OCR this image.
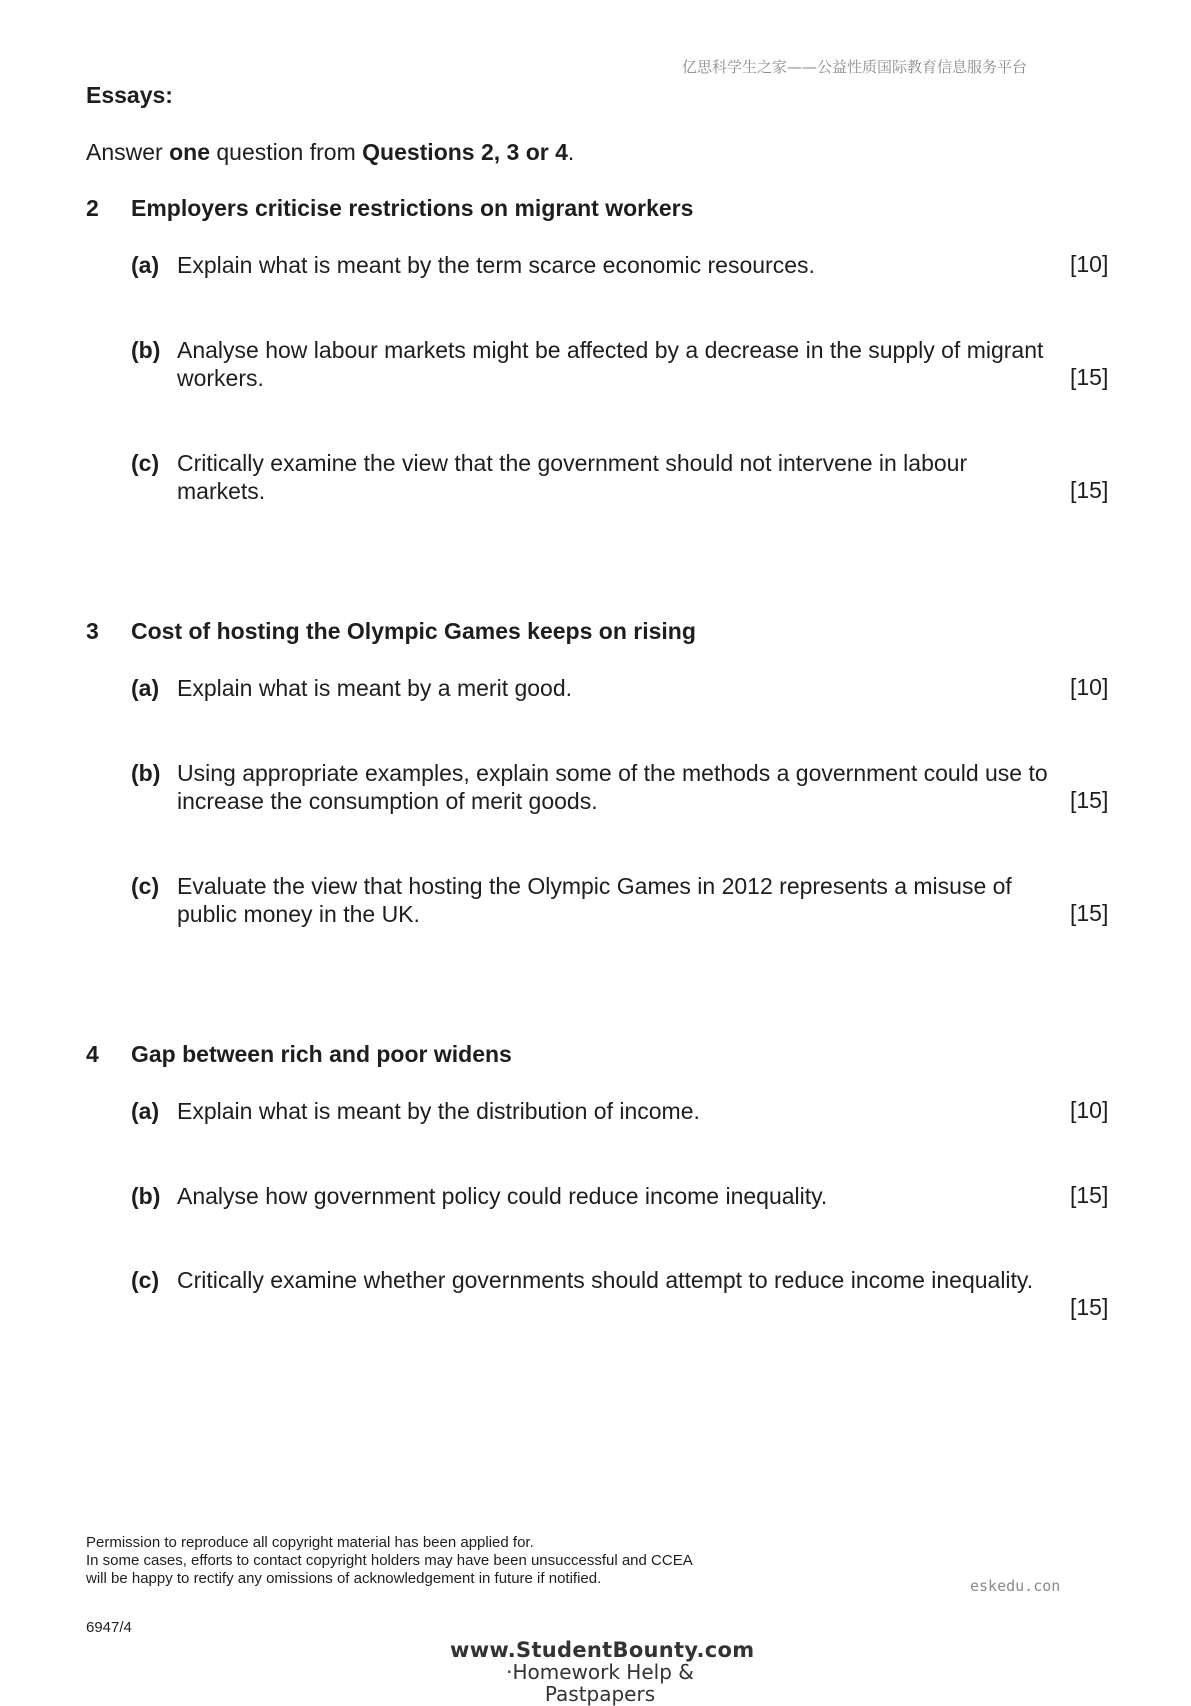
亿思科学生之家——公益性质国际教育信息服务平台
Essays:
Answer one question from Questions 2, 3 or 4.
2 Employers criticise restrictions on migrant workers
(a) Explain what is meant by the term scarce economic resources.	[10]
(b) Analyse how labour markets might be affected by a decrease in the supply of migrant workers.	[15]
(c) Critically examine the view that the government should not intervene in labour markets.	[15]
3 Cost of hosting the Olympic Games keeps on rising
(a) Explain what is meant by a merit good.	[10]
(b) Using appropriate examples, explain some of the methods a government could use to increase the consumption of merit goods.	[15]
(c) Evaluate the view that hosting the Olympic Games in 2012 represents a misuse of public money in the UK.	[15]
4 Gap between rich and poor widens
(a) Explain what is meant by the distribution of income.	[10]
(b) Analyse how government policy could reduce income inequality.	[15]
(c) Critically examine whether governments should attempt to reduce income inequality.
[15]
Permission to reproduce all copyright material has been applied for.
In some cases, efforts to contact copyright holders may have been unsuccessful and CCEA
will be happy to rectify any omissions of acknowledgement in future if notified.	eskedu.con
6947/4
www.StudentBounty.com
·Homework Help & Pastpapers
